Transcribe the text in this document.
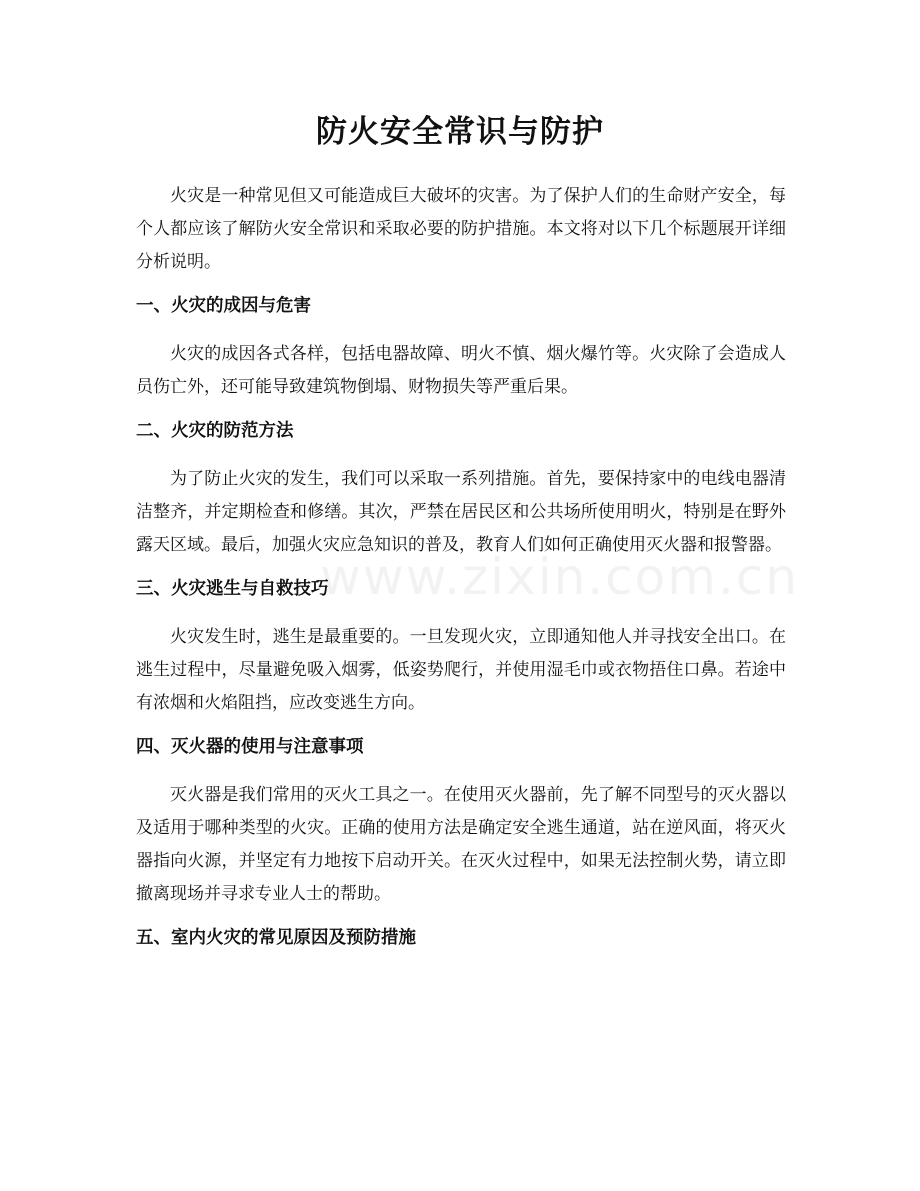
防火安全常识与防护

火灾是一种常见但又可能造成巨大破坏的灾害。为了保护人们的生命财产安全，每个人都应该了解防火安全常识和采取必要的防护措施。本文将对以下几个标题展开详细分析说明。

一、火灾的成因与危害

火灾的成因各式各样，包括电器故障、明火不慎、烟火爆竹等。火灾除了会造成人员伤亡外，还可能导致建筑物倒塌、财物损失等严重后果。

二、火灾的防范方法

为了防止火灾的发生，我们可以采取一系列措施。首先，要保持家中的电线电器清洁整齐，并定期检查和修缮。其次，严禁在居民区和公共场所使用明火，特别是在野外露天区域。最后，加强火灾应急知识的普及，教育人们如何正确使用灭火器和报警器。

三、火灾逃生与自救技巧

火灾发生时，逃生是最重要的。一旦发现火灾，立即通知他人并寻找安全出口。在逃生过程中，尽量避免吸入烟雾，低姿势爬行，并使用湿毛巾或衣物捂住口鼻。若途中有浓烟和火焰阻挡，应改变逃生方向。

四、灭火器的使用与注意事项

灭火器是我们常用的灭火工具之一。在使用灭火器前，先了解不同型号的灭火器以及适用于哪种类型的火灾。正确的使用方法是确定安全逃生通道，站在逆风面，将灭火器指向火源，并坚定有力地按下启动开关。在灭火过程中，如果无法控制火势，请立即撤离现场并寻求专业人士的帮助。

五、室内火灾的常见原因及预防措施
www.zixin.com.cn
